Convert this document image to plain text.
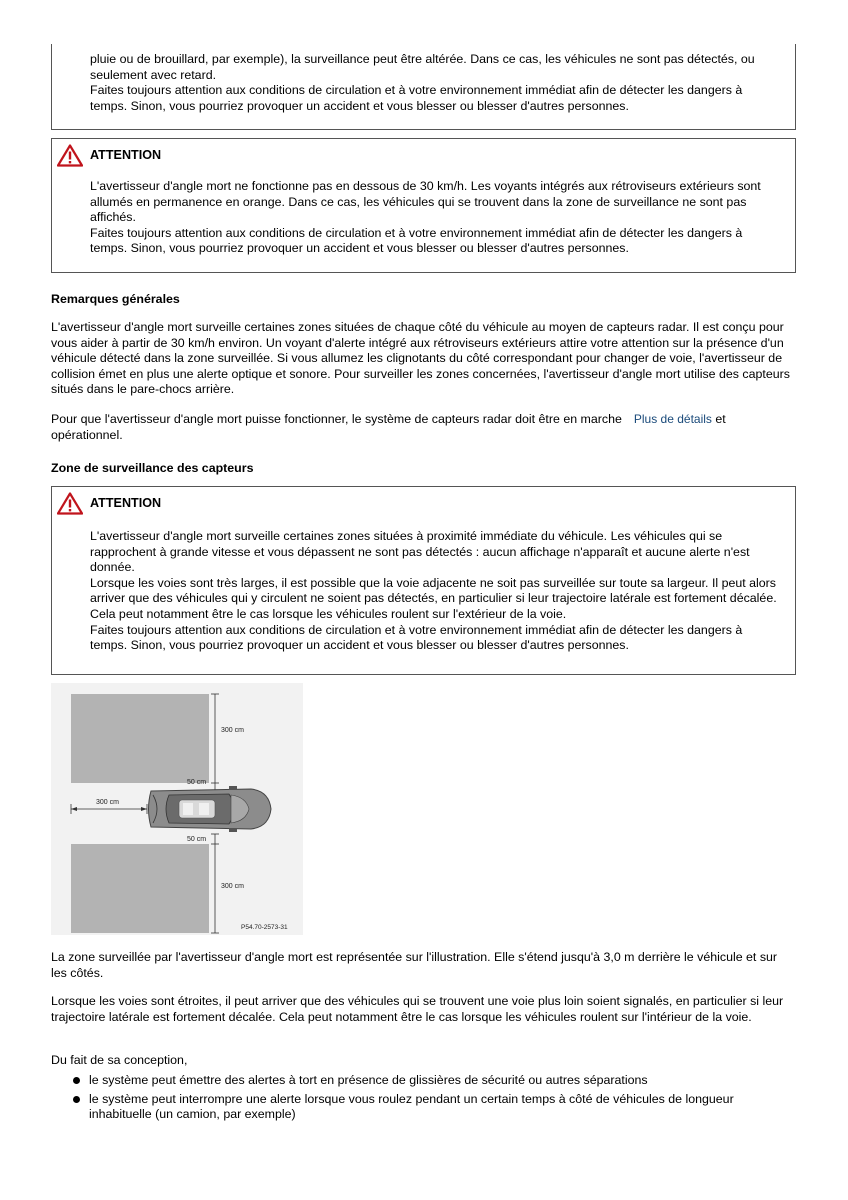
pluie ou de brouillard, par exemple), la surveillance peut être altérée. Dans ce cas, les véhicules ne sont pas détectés, ou seulement avec retard.

Faites toujours attention aux conditions de circulation et à votre environnement immédiat afin de détecter les dangers à temps. Sinon, vous pourriez provoquer un accident et vous blesser ou blesser d'autres personnes.

ATTENTION

L'avertisseur d'angle mort ne fonctionne pas en dessous de 30 km/h. Les voyants intégrés aux rétroviseurs extérieurs sont allumés en permanence en orange. Dans ce cas, les véhicules qui se trouvent dans la zone de surveillance ne sont pas affichés.

Faites toujours attention aux conditions de circulation et à votre environnement immédiat afin de détecter les dangers à temps. Sinon, vous pourriez provoquer un accident et vous blesser ou blesser d'autres personnes.

Remarques générales

L'avertisseur d'angle mort surveille certaines zones situées de chaque côté du véhicule au moyen de capteurs radar. Il est conçu pour vous aider à partir de 30 km/h environ. Un voyant d'alerte intégré aux rétroviseurs extérieurs attire votre attention sur la présence d'un véhicule détecté dans la zone surveillée. Si vous allumez les clignotants du côté correspondant pour changer de voie, l'avertisseur de collision émet en plus une alerte optique et sonore. Pour surveiller les zones concernées, l'avertisseur d'angle mort utilise des capteurs situés dans le pare-chocs arrière.

Pour que l'avertisseur d'angle mort puisse fonctionner, le système de capteurs radar doit être en marche Plus de détails et opérationnel.

Zone de surveillance des capteurs
ATTENTION

L'avertisseur d'angle mort surveille certaines zones situées à proximité immédiate du véhicule. Les véhicules qui se rapprochent à grande vitesse et vous dépassent ne sont pas détectés : aucun affichage n'apparaît et aucune alerte n'est donnée.

Lorsque les voies sont très larges, il est possible que la voie adjacente ne soit pas surveillée sur toute sa largeur. Il peut alors arriver que des véhicules qui y circulent ne soient pas détectés, en particulier si leur trajectoire latérale est fortement décalée. Cela peut notamment être le cas lorsque les véhicules roulent sur l'extérieur de la voie.

Faites toujours attention aux conditions de circulation et à votre environnement immédiat afin de détecter les dangers à temps. Sinon, vous pourriez provoquer un accident et vous blesser ou blesser d'autres personnes.

300 cm
50 cm
300 cm
50 cm
300 cm
P54.70-2573-31

La zone surveillée par l'avertisseur d'angle mort est représentée sur l'illustration. Elle s'étend jusqu'à 3,0 m derrière le véhicule et sur les côtés.

Lorsque les voies sont étroites, il peut arriver que des véhicules qui se trouvent une voie plus loin soient signalés, en particulier si leur trajectoire latérale est fortement décalée. Cela peut notamment être le cas lorsque les véhicules roulent sur l'intérieur de la voie.

Du fait de sa conception,

le système peut émettre des alertes à tort en présence de glissières de sécurité ou autres séparations
le système peut interrompre une alerte lorsque vous roulez pendant un certain temps à côté de véhicules de longueur inhabituelle (un camion, par exemple)
